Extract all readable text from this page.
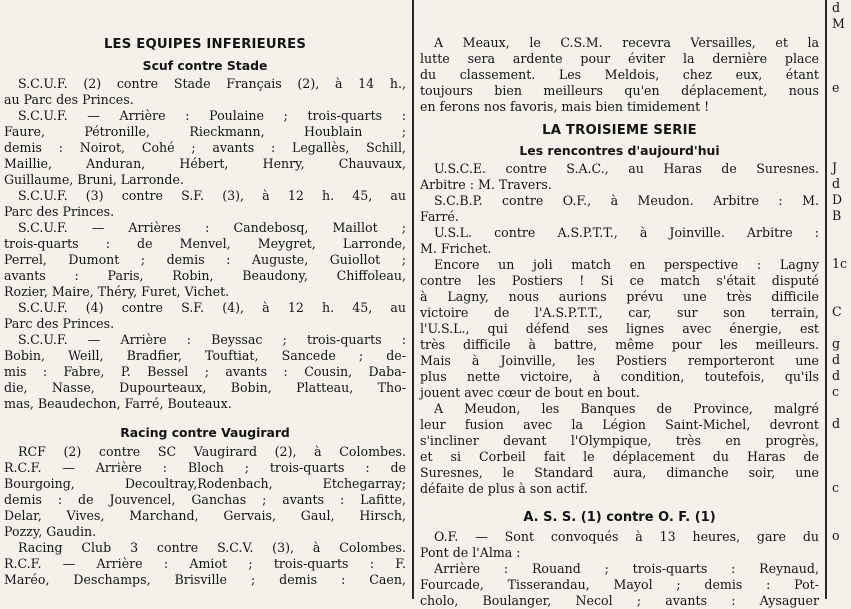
LES EQUIPES INFERIEURES
Scuf contre Stade
S.C.U.F. (2) contre Stade Français (2), à 14 h.,
au Parc des Princes.
S.C.U.F. — Arrière : Poulaine ; trois-quarts :
Faure, Pétronille, Rieckmann, Houblain ;
demis : Noirot, Cohé ; avants : Legallès, Schill,
Maillie, Anduran, Hébert, Henry, Chauvaux,
Guillaume, Bruni, Larronde.
S.C.U.F. (3) contre S.F. (3), à 12 h. 45, au
Parc des Princes.
S.C.U.F. — Arrières : Candebosq, Maillot ;
trois-quarts : de Menvel, Meygret, Larronde,
Perrel, Dumont ; demis : Auguste, Guiollot ;
avants : Paris, Robin, Beaudony, Chiffoleau,
Rozier, Maire, Théry, Furet, Vichet.
S.C.U.F. (4) contre S.F. (4), à 12 h. 45, au
Parc des Princes.
S.C.U.F. — Arrière : Beyssac ; trois-quarts :
Bobin, Weill, Bradfier, Touftiat, Sancede ; de-
mis : Fabre, P. Bessel ; avants : Cousin, Daba-
die, Nasse, Dupourteaux, Bobin, Platteau, Tho-
mas, Beaudechon, Farré, Bouteaux.
Racing contre Vaugirard
RCF (2) contre SC Vaugirard (2), à Colombes.
R.C.F. — Arrière : Bloch ; trois-quarts : de
Bourgoing, Decoultray,Rodenbach, Etchegarray;
demis : de Jouvencel, Ganchas ; avants : Lafitte,
Delar, Vives, Marchand, Gervais, Gaul, Hirsch,
Pozzy, Gaudin.
Racing Club 3 contre S.C.V. (3), à Colombes.
R.C.F. — Arrière : Amiot ; trois-quarts : F.
Maréo, Deschamps, Brisville ; demis : Caen,
A Meaux, le C.S.M. recevra Versailles, et la
lutte sera ardente pour éviter la dernière place
du classement. Les Meldois, chez eux, étant
toujours bien meilleurs qu'en déplacement, nous
en ferons nos favoris, mais bien timidement !
LA TROISIEME SERIE
Les rencontres d'aujourd'hui
U.S.C.E. contre S.A.C., au Haras de Suresnes.
Arbitre : M. Travers.
S.C.B.P. contre O.F., à Meudon. Arbitre : M.
Farré.
U.S.L. contre A.S.P.T.T., à Joinville. Arbitre :
M. Frichet.
Encore un joli match en perspective : Lagny
contre les Postiers ! Si ce match s'était disputé
à Lagny, nous aurions prévu une très difficile
victoire de l'A.S.P.T.T., car, sur son terrain,
l'U.S.L., qui défend ses lignes avec énergie, est
très difficile à battre, même pour les meilleurs.
Mais à Joinville, les Postiers remporteront une
plus nette victoire, à condition, toutefois, qu'ils
jouent avec cœur de bout en bout.
A Meudon, les Banques de Province, malgré
leur fusion avec la Légion Saint-Michel, devront
s'incliner devant l'Olympique, très en progrès,
et si Corbeil fait le déplacement du Haras de
Suresnes, le Standard aura, dimanche soir, une
défaite de plus à son actif.
A. S. S. (1) contre O. F. (1)
O.F. — Sont convoqués à 13 heures, gare du
Pont de l'Alma :
Arrière : Rouand ; trois-quarts : Reynaud,
Fourcade, Tisserandau, Mayol ; demis : Pot-
cholo, Boulanger, Necol ; avants : Aysaguer
d
M
e
J
d
D
B
1c
C
g
d
d
c
d
c
o
